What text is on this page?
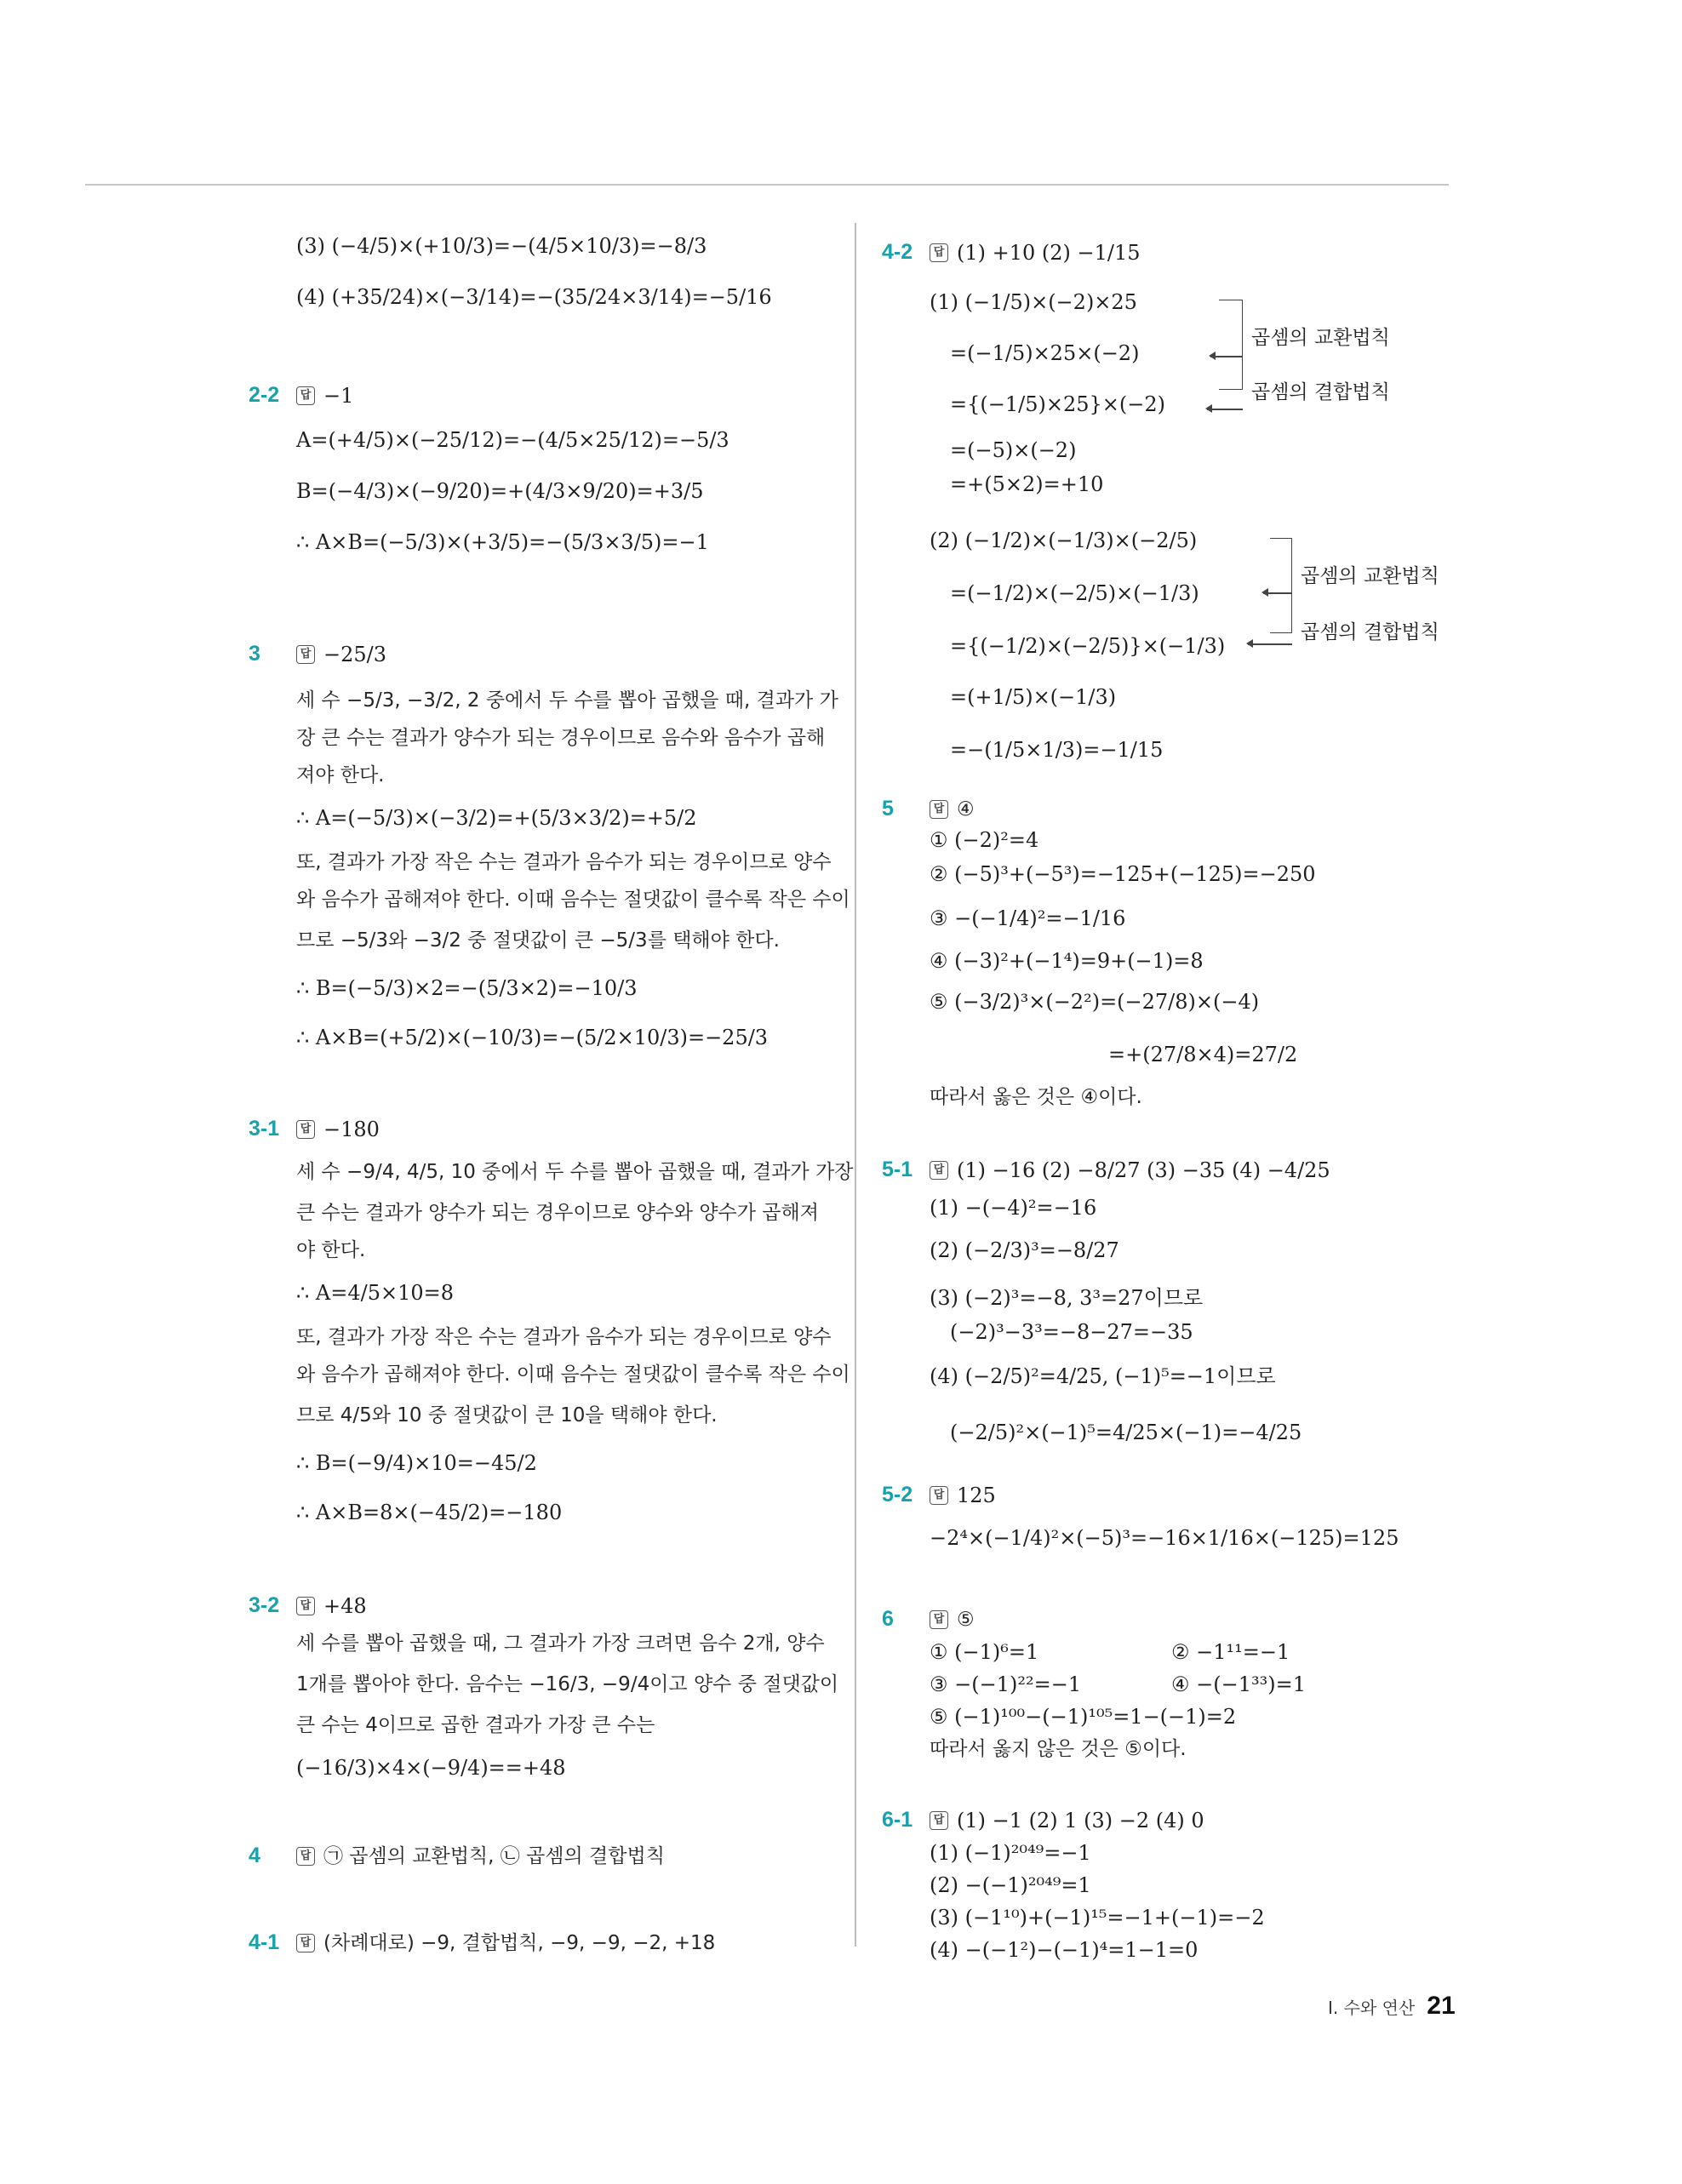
(3) (−4/5)×(+10/3)=−(4/5×10/3)=−8/3
(4) (+35/24)×(−3/14)=−(35/24×3/14)=−5/16
2-2	답 −1
A=(+4/5)×(−25/12)=−(4/5×25/12)=−5/3
B=(−4/3)×(−9/20)=+(4/3×9/20)=+3/5
∴ A×B=(−5/3)×(+3/5)=−(5/3×3/5)=−1
3	답 −25/3
세 수 −5/3, −3/2, 2 중에서 두 수를 뽑아 곱했을 때, 결과가 가
장 큰 수는 결과가 양수가 되는 경우이므로 음수와 음수가 곱해
져야 한다.
∴ A=(−5/3)×(−3/2)=+(5/3×3/2)=+5/2
또, 결과가 가장 작은 수는 결과가 음수가 되는 경우이므로 양수
와 음수가 곱해져야 한다. 이때 음수는 절댓값이 클수록 작은 수이
므로 −5/3와 −3/2 중 절댓값이 큰 −5/3를 택해야 한다.
∴ B=(−5/3)×2=−(5/3×2)=−10/3
∴ A×B=(+5/2)×(−10/3)=−(5/2×10/3)=−25/3
3-1	답 −180
세 수 −9/4, 4/5, 10 중에서 두 수를 뽑아 곱했을 때, 결과가 가장
큰 수는 결과가 양수가 되는 경우이므로 양수와 양수가 곱해져
야 한다.
∴ A=4/5×10=8
또, 결과가 가장 작은 수는 결과가 음수가 되는 경우이므로 양수
와 음수가 곱해져야 한다. 이때 음수는 절댓값이 클수록 작은 수이
므로 4/5와 10 중 절댓값이 큰 10을 택해야 한다.
∴ B=(−9/4)×10=−45/2
∴ A×B=8×(−45/2)=−180
3-2	답 +48
세 수를 뽑아 곱했을 때, 그 결과가 가장 크려면 음수 2개, 양수
1개를 뽑아야 한다. 음수는 −16/3, −9/4이고 양수 중 절댓값이
큰 수는 4이므로 곱한 결과가 가장 큰 수는
(−16/3)×4×(−9/4)==+48
4	답 ㉠ 곱셈의 교환법칙, ㉡ 곱셈의 결합법칙
4-1	답 (차례대로) −9, 결합법칙, −9, −9, −2, +18
4-2	답 (1) +10 (2) −1/15
(1) (−1/5)×(−2)×25
=(−1/5)×25×(−2)
={(−1/5)×25}×(−2)
=(−5)×(−2)
=+(5×2)=+10
(2) (−1/2)×(−1/3)×(−2/5)
=(−1/2)×(−2/5)×(−1/3)
={(−1/2)×(−2/5)}×(−1/3)
=(+1/5)×(−1/3)
=−(1/5×1/3)=−1/15
곱셈의 교환법칙
곱셈의 결합법칙
곱셈의 교환법칙
곱셈의 결합법칙
5	답 ④
① (−2)²=4
② (−5)³+(−5³)=−125+(−125)=−250
③ −(−1/4)²=−1/16
④ (−3)²+(−1⁴)=9+(−1)=8
⑤ (−3/2)³×(−2²)=(−27/8)×(−4)
=+(27/8×4)=27/2
따라서 옳은 것은 ④이다.
5-1	답 (1) −16 (2) −8/27 (3) −35 (4) −4/25
(1) −(−4)²=−16
(2) (−2/3)³=−8/27
(3) (−2)³=−8, 3³=27이므로
(−2)³−3³=−8−27=−35
(4) (−2/5)²=4/25, (−1)⁵=−1이므로
(−2/5)²×(−1)⁵=4/25×(−1)=−4/25
5-2	답 125
−2⁴×(−1/4)²×(−5)³=−16×1/16×(−125)=125
6	답 ⑤
① (−1)⁶=1	② −1¹¹=−1
③ −(−1)²²=−1	④ −(−1³³)=1
⑤ (−1)¹⁰⁰−(−1)¹⁰⁵=1−(−1)=2
따라서 옳지 않은 것은 ⑤이다.
6-1	답 (1) −1 (2) 1 (3) −2 (4) 0
(1) (−1)²⁰⁴⁹=−1
(2) −(−1)²⁰⁴⁹=1
(3) (−1¹⁰)+(−1)¹⁵=−1+(−1)=−2
(4) −(−1²)−(−1)⁴=1−1=0
I. 수와 연산 21
